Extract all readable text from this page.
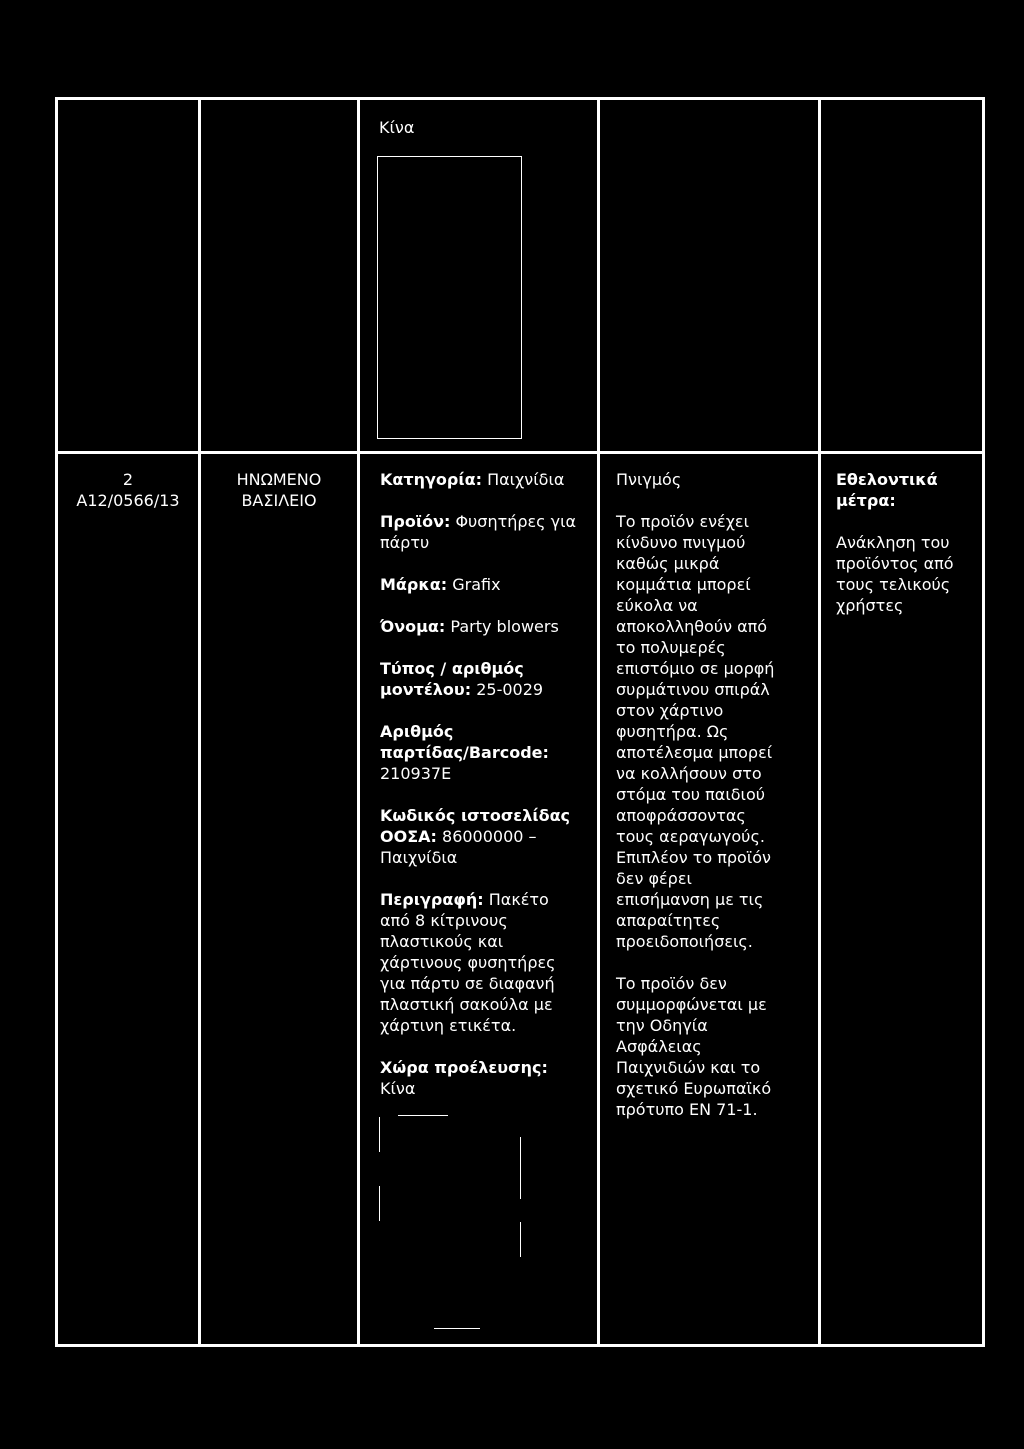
Κίνα
2
A12/0566/13
ΗΝΩΜΕΝΟ
ΒΑΣΙΛΕΙΟ
Κατηγορία: Παιχνίδια
Προϊόν: Φυσητήρες για πάρτυ
Μάρκα: Grafix
Όνομα: Party blowers
Τύπος / αριθμός
μοντέλου: 25-0029
Αριθμός
παρτίδας/Barcode:
210937E
Κωδικός ιστοσελίδας
ΟΟΣΑ: 86000000 –
Παιχνίδια
Περιγραφή: Πακέτο
από 8 κίτρινους
πλαστικούς και
χάρτινους φυσητήρες
για πάρτυ σε διαφανή
πλαστική σακούλα με
χάρτινη ετικέτα.
Χώρα προέλευσης:
Κίνα
Πνιγμός
Το προϊόν ενέχει
κίνδυνο πνιγμού
καθώς μικρά
κομμάτια μπορεί
εύκολα να
αποκολληθούν από
το πολυμερές
επιστόμιο σε μορφή
συρμάτινου σπιράλ
στον χάρτινο
φυσητήρα. Ως
αποτέλεσμα μπορεί
να κολλήσουν στο
στόμα του παιδιού
αποφράσσοντας
τους αεραγωγούς.
Επιπλέον το προϊόν
δεν φέρει
επισήμανση με τις
απαραίτητες
προειδοποιήσεις.
Το προϊόν δεν
συμμορφώνεται με
την Οδηγία
Ασφάλειας
Παιχνιδιών και το
σχετικό Ευρωπαϊκό
πρότυπο EN 71-1.
Εθελοντικά
μέτρα:
Ανάκληση του
προϊόντος από
τους τελικούς
χρήστες
